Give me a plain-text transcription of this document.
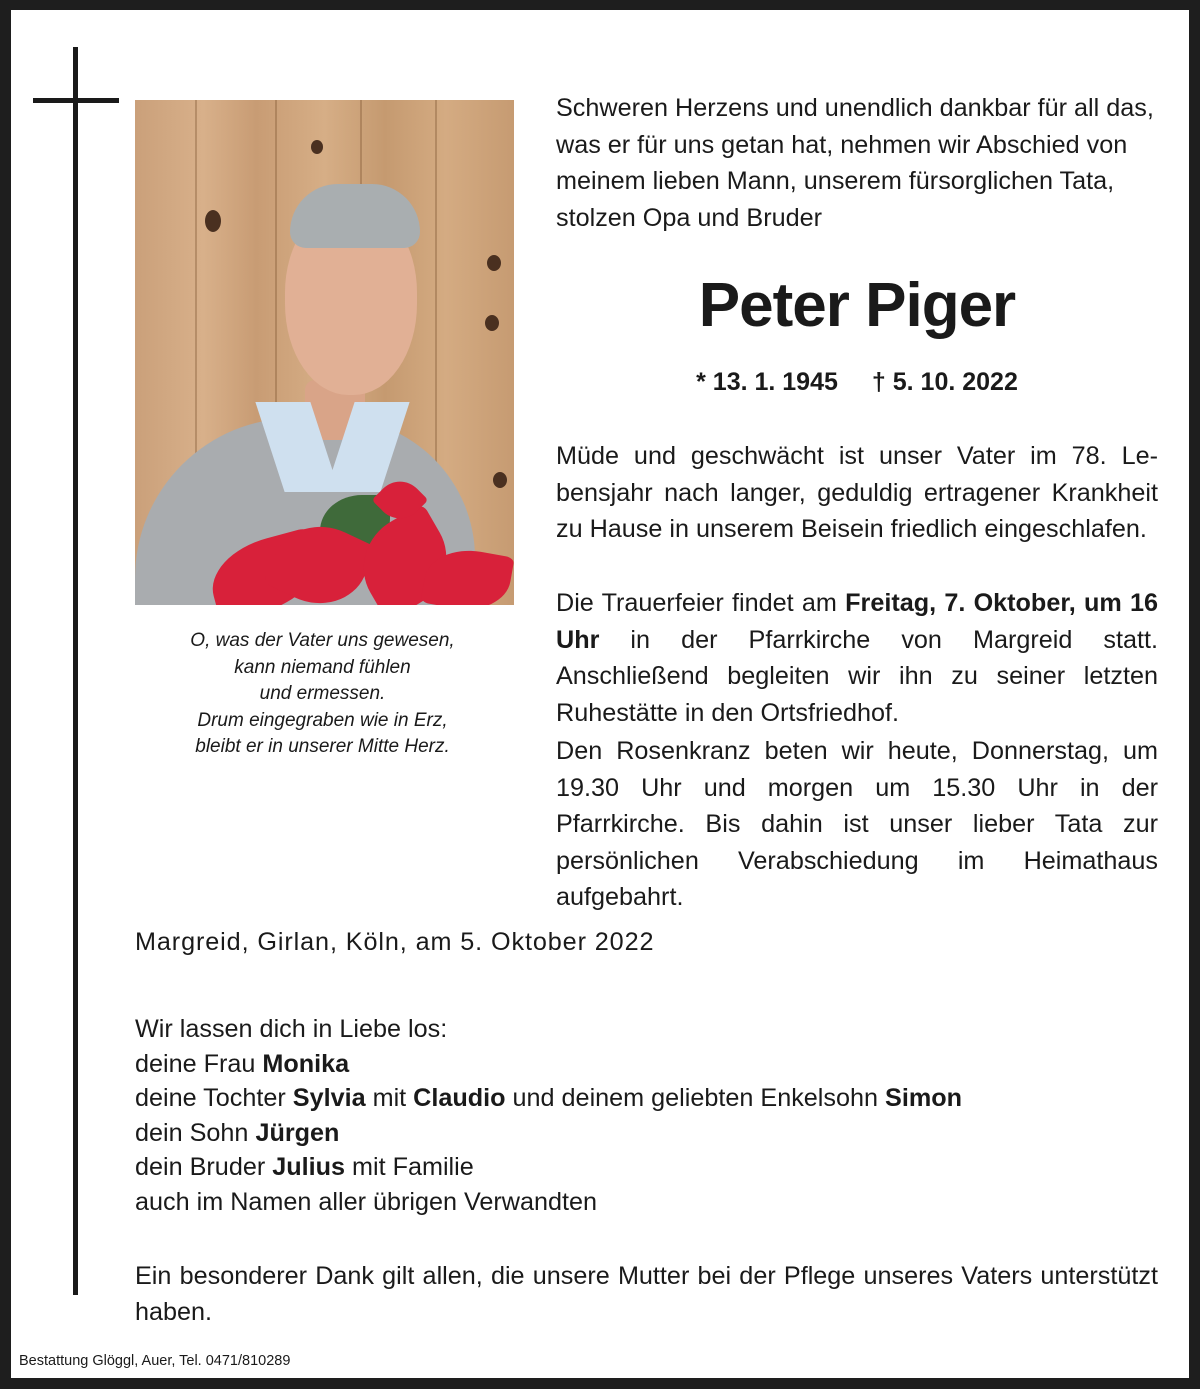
O, was der Vater uns gewesen,
kann niemand fühlen
und ermessen.
Drum eingegraben wie in Erz,
bleibt er in unserer Mitte Herz.

Schweren Herzens und unendlich dankbar für all das, was er für uns getan hat, nehmen wir Abschied von meinem lieben Mann, unserem fürsorglichen Tata, stolzen Opa und Bruder

Peter Piger
* 13. 1. 1945 † 5. 10. 2022

Müde und geschwächt ist unser Vater im 78. Lebensjahr nach langer, geduldig ertragener Krankheit zu Hause in unserem Beisein friedlich eingeschlafen.

Die Trauerfeier findet am Freitag, 7. Oktober, um 16 Uhr in der Pfarrkirche von Margreid statt. Anschließend begleiten wir ihn zu seiner letzten Ruhestätte in den Ortsfriedhof.

Den Rosenkranz beten wir heute, Donnerstag, um 19.30 Uhr und morgen um 15.30 Uhr in der Pfarrkirche. Bis dahin ist unser lieber Tata zur persönlichen Verabschiedung im Heimathaus aufgebahrt.

Margreid, Girlan, Köln, am 5. Oktober 2022
Wir lassen dich in Liebe los:
deine Frau Monika
deine Tochter Sylvia mit Claudio und deinem geliebten Enkelsohn Simon
dein Sohn Jürgen
dein Bruder Julius mit Familie
auch im Namen aller übrigen Verwandten

Ein besonderer Dank gilt allen, die unsere Mutter bei der Pflege unseres Vaters unterstützt haben.

Bestattung Glöggl, Auer, Tel. 0471/810289
